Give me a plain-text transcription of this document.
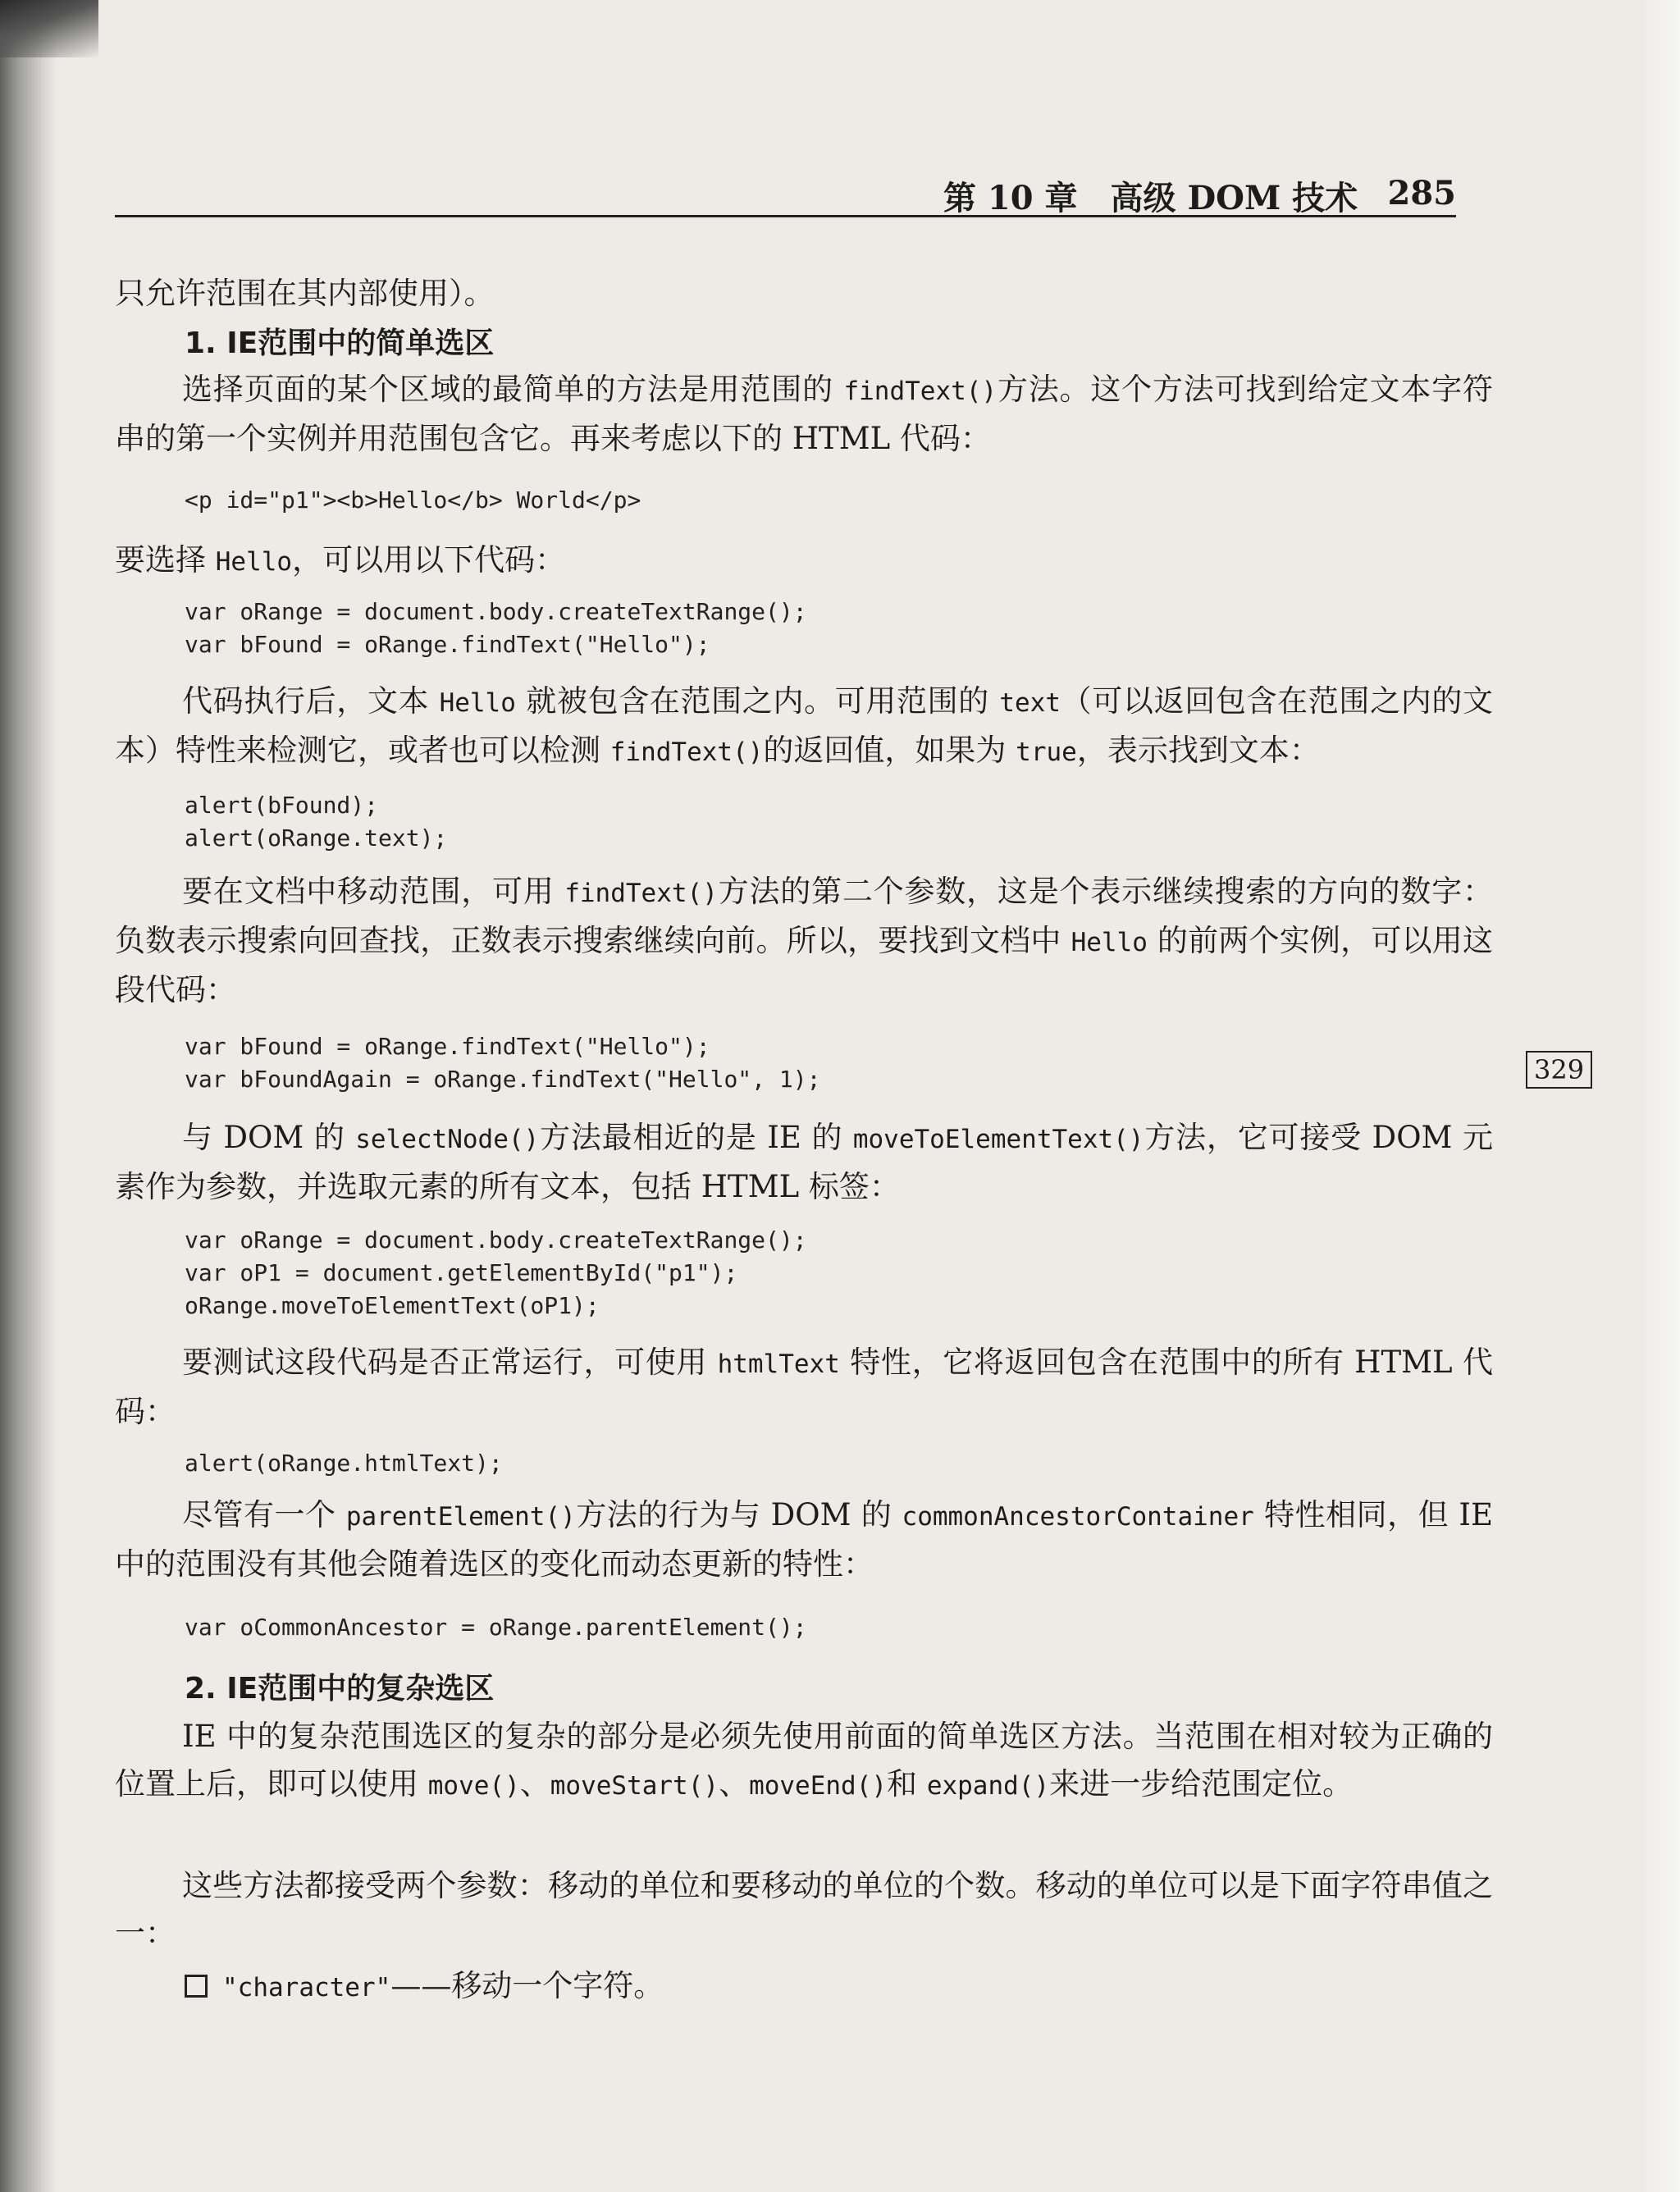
第 10 章　高级 DOM 技术 285
329
只允许范围在其内部使用）。
1. IE范围中的简单选区
选择页面的某个区域的最简单的方法是用范围的 findText()方法。这个方法可找到给定文本字符串的第一个实例并用范围包含它。再来考虑以下的 HTML 代码：
<p id="p1"><b>Hello</b> World</p>
要选择 Hello，可以用以下代码：
var oRange = document.body.createTextRange();
var bFound = oRange.findText("Hello");
代码执行后，文本 Hello 就被包含在范围之内。可用范围的 text（可以返回包含在范围之内的文本）特性来检测它，或者也可以检测 findText()的返回值，如果为 true，表示找到文本：
alert(bFound);
alert(oRange.text);
要在文档中移动范围，可用 findText()方法的第二个参数，这是个表示继续搜索的方向的数字：负数表示搜索向回查找，正数表示搜索继续向前。所以，要找到文档中 Hello 的前两个实例，可以用这段代码：
var bFound = oRange.findText("Hello");
var bFoundAgain = oRange.findText("Hello", 1);
与 DOM 的 selectNode()方法最相近的是 IE 的 moveToElementText()方法，它可接受 DOM 元素作为参数，并选取元素的所有文本，包括 HTML 标签：
var oRange = document.body.createTextRange();
var oP1 = document.getElementById("p1");
oRange.moveToElementText(oP1);
要测试这段代码是否正常运行，可使用 htmlText 特性，它将返回包含在范围中的所有 HTML 代码：
alert(oRange.htmlText);
尽管有一个 parentElement()方法的行为与 DOM 的 commonAncestorContainer 特性相同，但 IE 中的范围没有其他会随着选区的变化而动态更新的特性：
var oCommonAncestor = oRange.parentElement();
2. IE范围中的复杂选区
IE 中的复杂范围选区的复杂的部分是必须先使用前面的简单选区方法。当范围在相对较为正确的位置上后，即可以使用 move()、moveStart()、moveEnd()和 expand()来进一步给范围定位。
这些方法都接受两个参数：移动的单位和要移动的单位的个数。移动的单位可以是下面字符串值之一：
"character"——移动一个字符。
